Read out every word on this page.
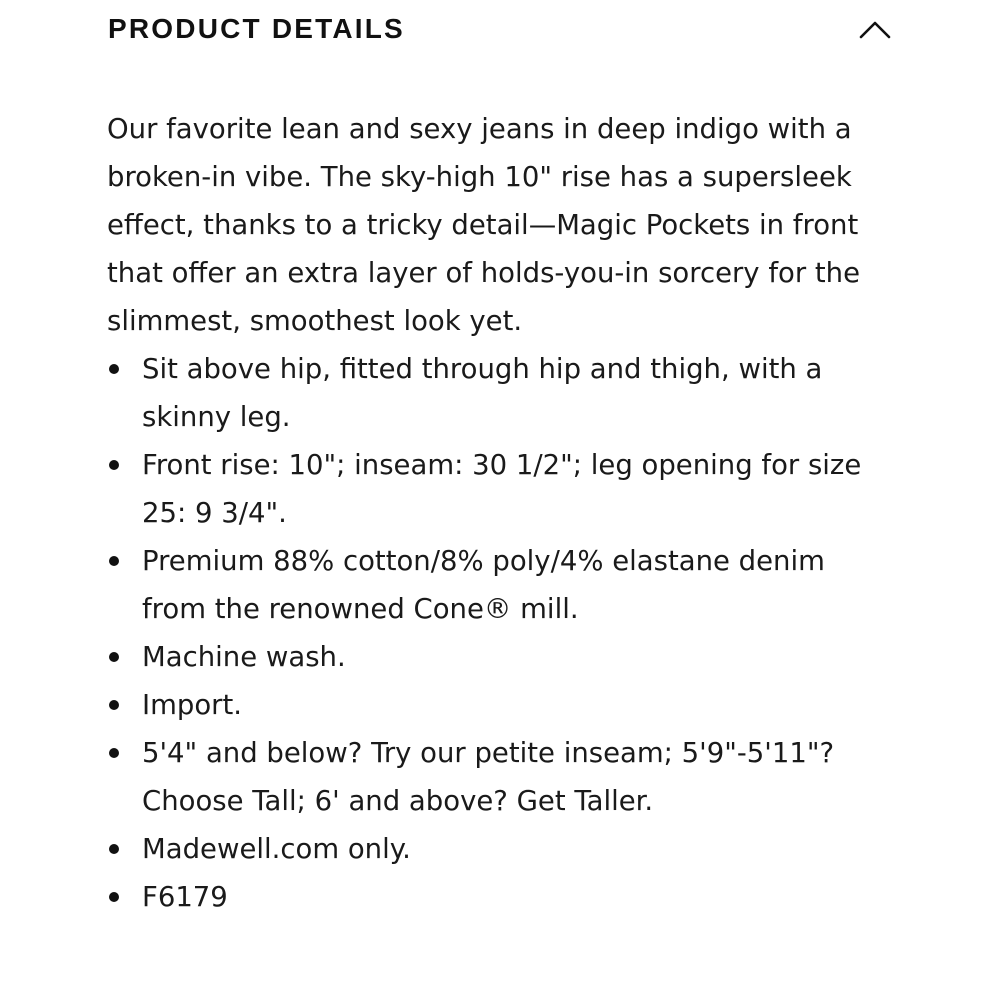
PRODUCT DETAILS

Our favorite lean and sexy jeans in deep indigo with a broken-in vibe. The sky-high 10" rise has a supersleek effect, thanks to a tricky detail—Magic Pockets in front that offer an extra layer of holds-you-in sorcery for the slimmest, smoothest look yet.

Sit above hip, fitted through hip and thigh, with a skinny leg.
Front rise: 10"; inseam: 30 1/2"; leg opening for size 25: 9 3/4".
Premium 88% cotton/8% poly/4% elastane denim from the renowned Cone® mill.
Machine wash.
Import.
5'4" and below? Try our petite inseam; 5'9"-5'11"? Choose Tall; 6' and above? Get Taller.
Madewell.com only.
F6179
